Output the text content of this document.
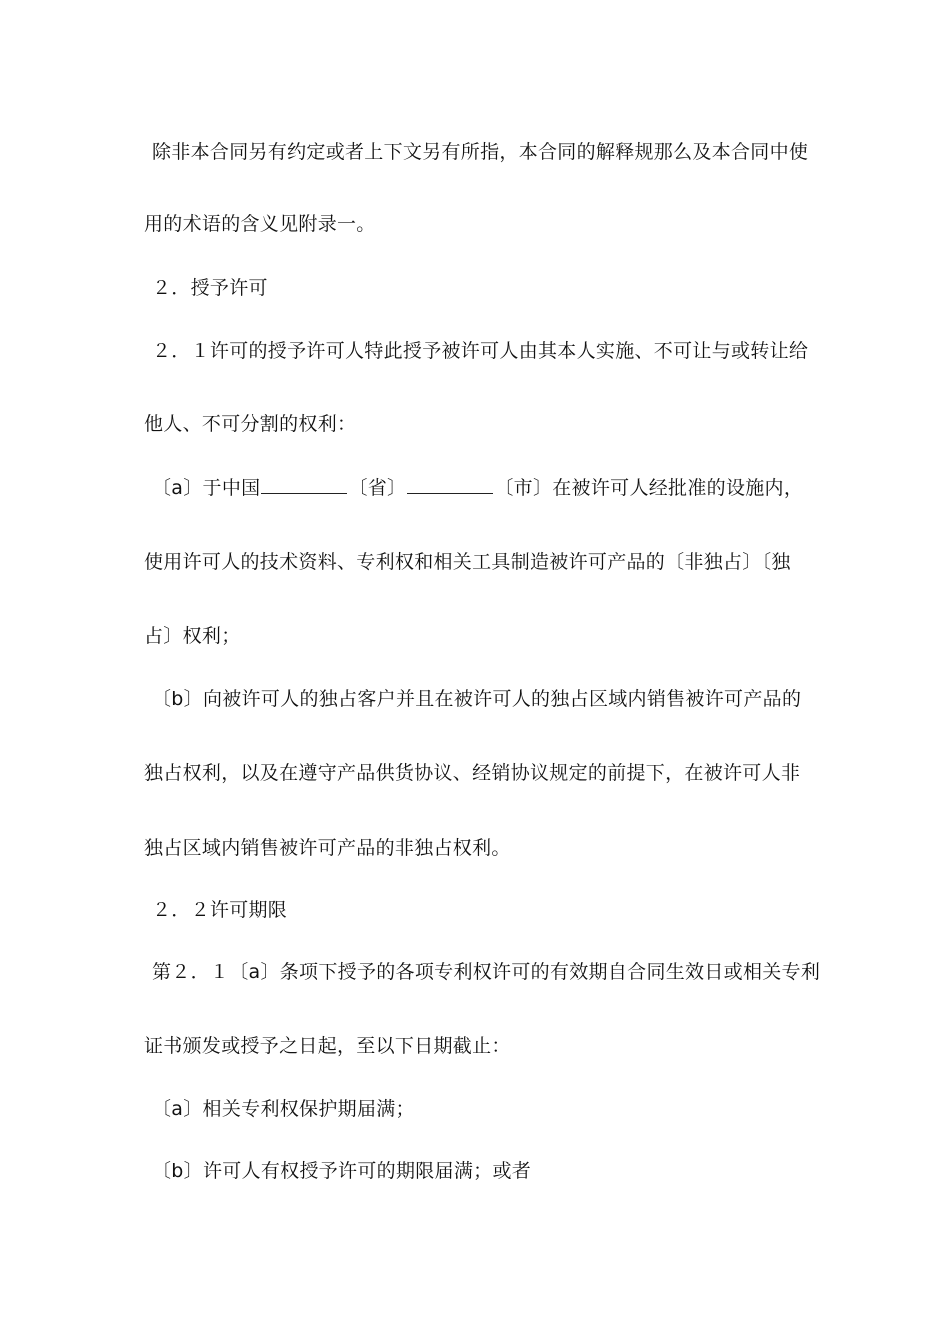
除非本合同另有约定或者上下文另有所指，本合同的解释规那么及本合同中使
用的术语的含义见附录一。
２．授予许可
２．１许可的授予许可人特此授予被许可人由其本人实施、不可让与或转让给
他人、不可分割的权利：
〔a〕于中国	〔省〕	〔市〕在被许可人经批准的设施内，
使用许可人的技术资料、专利权和相关工具制造被许可产品的〔非独占〕〔独
占〕权利；
〔b〕向被许可人的独占客户并且在被许可人的独占区域内销售被许可产品的
独占权利，以及在遵守产品供货协议、经销协议规定的前提下，在被许可人非
独占区域内销售被许可产品的非独占权利。
２．２许可期限
第２．１〔a〕条项下授予的各项专利权许可的有效期自合同生效日或相关专利
证书颁发或授予之日起，至以下日期截止：
〔a〕相关专利权保护期届满；
〔b〕许可人有权授予许可的期限届满；或者
